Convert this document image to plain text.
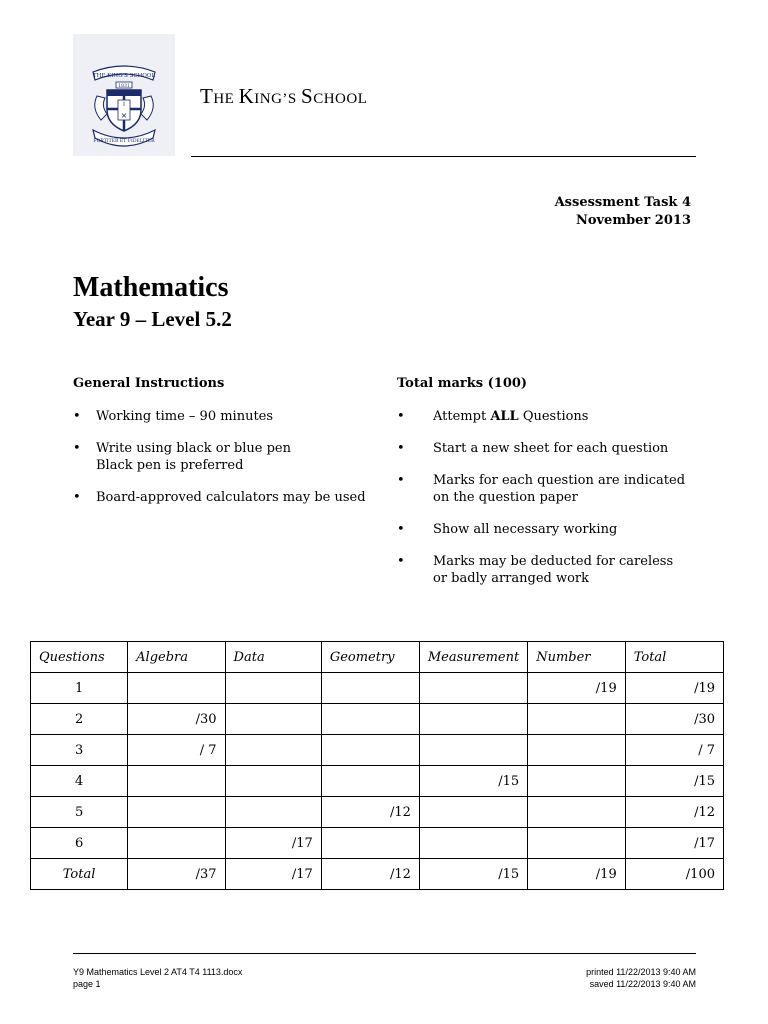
THE KING'S SCHOOL
1831
I
×
FORTITER ET FIDELITER
THE KING’S SCHOOL
Assessment Task 4
November 2013
Mathematics
Year 9 – Level 5.2
General Instructions	Total marks (100)
• Working time – 90 minutes
• Write using black or blue pen
Black pen is preferred
• Board-approved calculators may be used
• Attempt ALL Questions
• Start a new sheet for each question
• Marks for each question are indicated
on the question paper
• Show all necessary working
• Marks may be deducted for careless
or badly arranged work
Questions	Algebra	Data	Geometry	Measurement	Number	Total
1					/19	/19
2	/30					/30
3	/ 7					/ 7
4				/15		/15
5			/12			/12
6		/17				/17
Total	/37	/17	/12	/15	/19	/100
Y9 Mathematics Level 2 AT4 T4 1113.docx
page 1
printed 11/22/2013 9:40 AM
saved 11/22/2013 9:40 AM
